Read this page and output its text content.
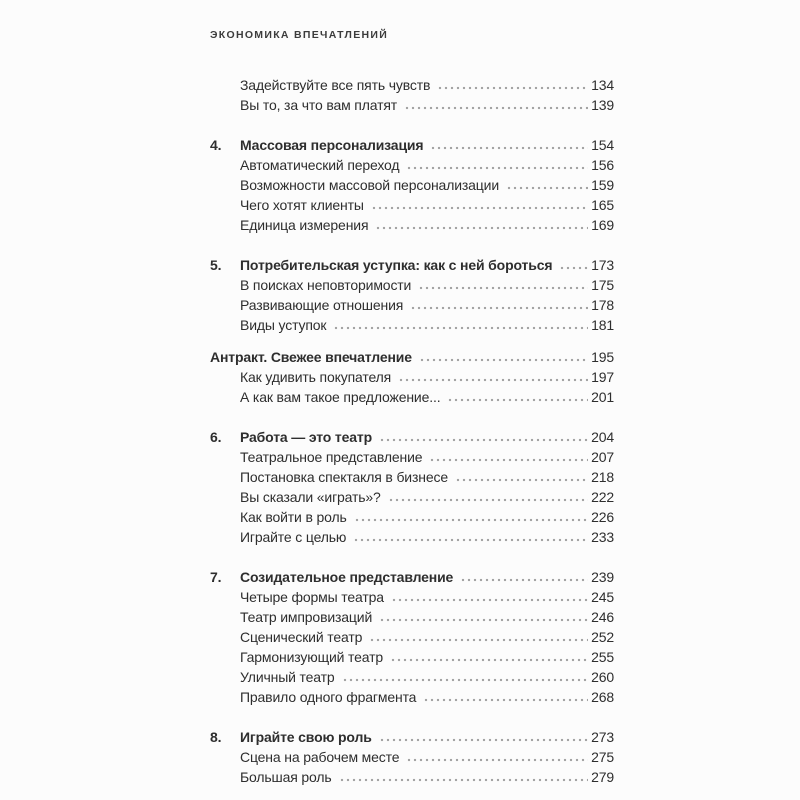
ЭКОНОМИКА ВПЕЧАТЛЕНИЙ
Задействуйте все пять чувств	134
Вы то, за что вам платят	139
4.	Массовая персонализация	154
Автоматический переход	156
Возможности массовой персонализации	159
Чего хотят клиенты	165
Единица измерения	169
5.	Потребительская уступка: как с ней бороться	173
В поисках неповторимости	175
Развивающие отношения	178
Виды уступок	181
Антракт. Свежее впечатление	195
Как удивить покупателя	197
А как вам такое предложение...	201
6.	Работа — это театр	204
Театральное представление	207
Постановка спектакля в бизнесе	218
Вы сказали «играть»?	222
Как войти в роль	226
Играйте с целью	233
7.	Созидательное представление	239
Четыре формы театра	245
Театр импровизаций	246
Сценический театр	252
Гармонизующий театр	255
Уличный театр	260
Правило одного фрагмента	268
8.	Играйте свою роль	273
Сцена на рабочем месте	275
Большая роль	279
